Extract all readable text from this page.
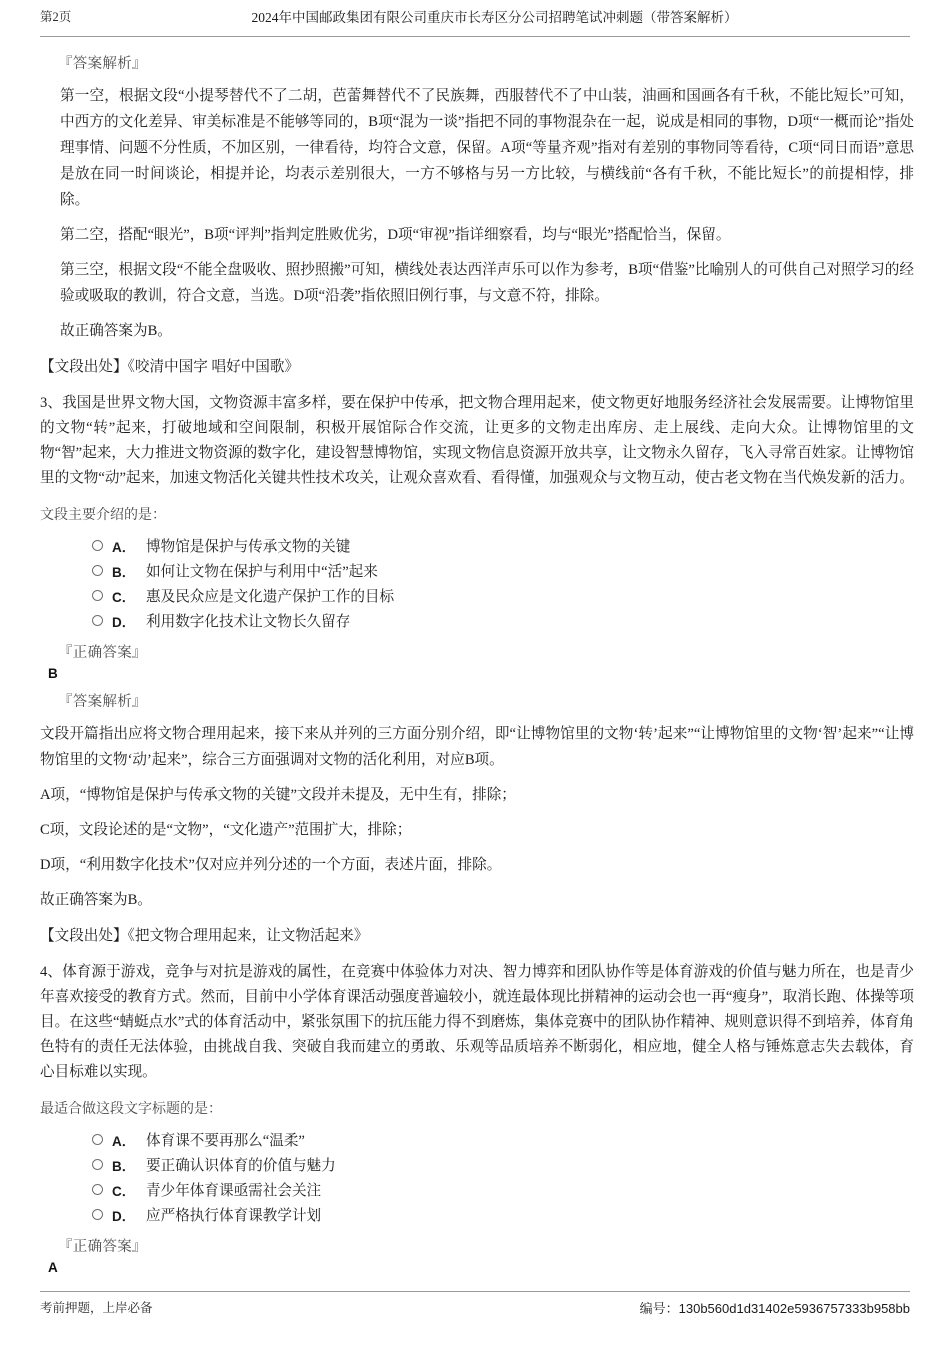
第2页	2024年中国邮政集团有限公司重庆市长寿区分公司招聘笔试冲刺题（带答案解析）
『答案解析』
第一空，根据文段“小提琴替代不了二胡，芭蕾舞替代不了民族舞，西服替代不了中山装，油画和国画各有千秋，不能比短长”可知，中西方的文化差异、审美标准是不能够等同的，B项“混为一谈”指把不同的事物混杂在一起，说成是相同的事物，D项“一概而论”指处理事情、问题不分性质，不加区别，一律看待，均符合文意，保留。A项“等量齐观”指对有差别的事物同等看待，C项“同日而语”意思是放在同一时间谈论，相提并论，均表示差别很大，一方不够格与另一方比较，与横线前“各有千秋，不能比短长”的前提相悖，排除。
第二空，搭配“眼光”，B项“评判”指判定胜败优劣，D项“审视”指详细察看，均与“眼光”搭配恰当，保留。
第三空，根据文段“不能全盘吸收、照抄照搬”可知，横线处表达西洋声乐可以作为参考，B项“借鉴”比喻别人的可供自己对照学习的经验或吸取的教训，符合文意，当选。D项“沿袭”指依照旧例行事，与文意不符，排除。
故正确答案为B。
【文段出处】《咬清中国字 唱好中国歌》
3、我国是世界文物大国，文物资源丰富多样，要在保护中传承，把文物合理用起来，使文物更好地服务经济社会发展需要。让博物馆里的文物“转”起来，打破地域和空间限制，积极开展馆际合作交流，让更多的文物走出库房、走上展线、走向大众。让博物馆里的文物“智”起来，大力推进文物资源的数字化，建设智慧博物馆，实现文物信息资源开放共享，让文物永久留存，飞入寻常百姓家。让博物馆里的文物“动”起来，加速文物活化关键共性技术攻关，让观众喜欢看、看得懂，加强观众与文物互动，使古老文物在当代焕发新的活力。
文段主要介绍的是：
A． 博物馆是保护与传承文物的关键
B． 如何让文物在保护与利用中“活”起来
C． 惠及民众应是文化遗产保护工作的目标
D． 利用数字化技术让文物长久留存
『正确答案』
B
『答案解析』
文段开篇指出应将文物合理用起来，接下来从并列的三方面分别介绍，即“让博物馆里的文物‘转’起来”“让博物馆里的文物‘智’起来”“让博物馆里的文物‘动’起来”，综合三方面强调对文物的活化利用，对应B项。
A项，“博物馆是保护与传承文物的关键”文段并未提及，无中生有，排除；
C项，文段论述的是“文物”，“文化遗产”范围扩大，排除；
D项，“利用数字化技术”仅对应并列分述的一个方面，表述片面，排除。
故正确答案为B。
【文段出处】《把文物合理用起来，让文物活起来》
4、体育源于游戏，竞争与对抗是游戏的属性，在竞赛中体验体力对决、智力博弈和团队协作等是体育游戏的价值与魅力所在，也是青少年喜欢接受的教育方式。然而，目前中小学体育课活动强度普遍较小，就连最体现比拼精神的运动会也一再“瘦身”，取消长跑、体操等项目。在这些“蜻蜓点水”式的体育活动中，紧张氛围下的抗压能力得不到磨炼，集体竞赛中的团队协作精神、规则意识得不到培养，体育角色特有的责任无法体验，由挑战自我、突破自我而建立的勇敢、乐观等品质培养不断弱化，相应地，健全人格与锤炼意志失去载体，育心目标难以实现。
最适合做这段文字标题的是：
A． 体育课不要再那么“温柔”
B． 要正确认识体育的价值与魅力
C． 青少年体育课亟需社会关注
D． 应严格执行体育课教学计划
『正确答案』
A
考前押题，上岸必备	编号：130b560d1d31402e5936757333b958bb
